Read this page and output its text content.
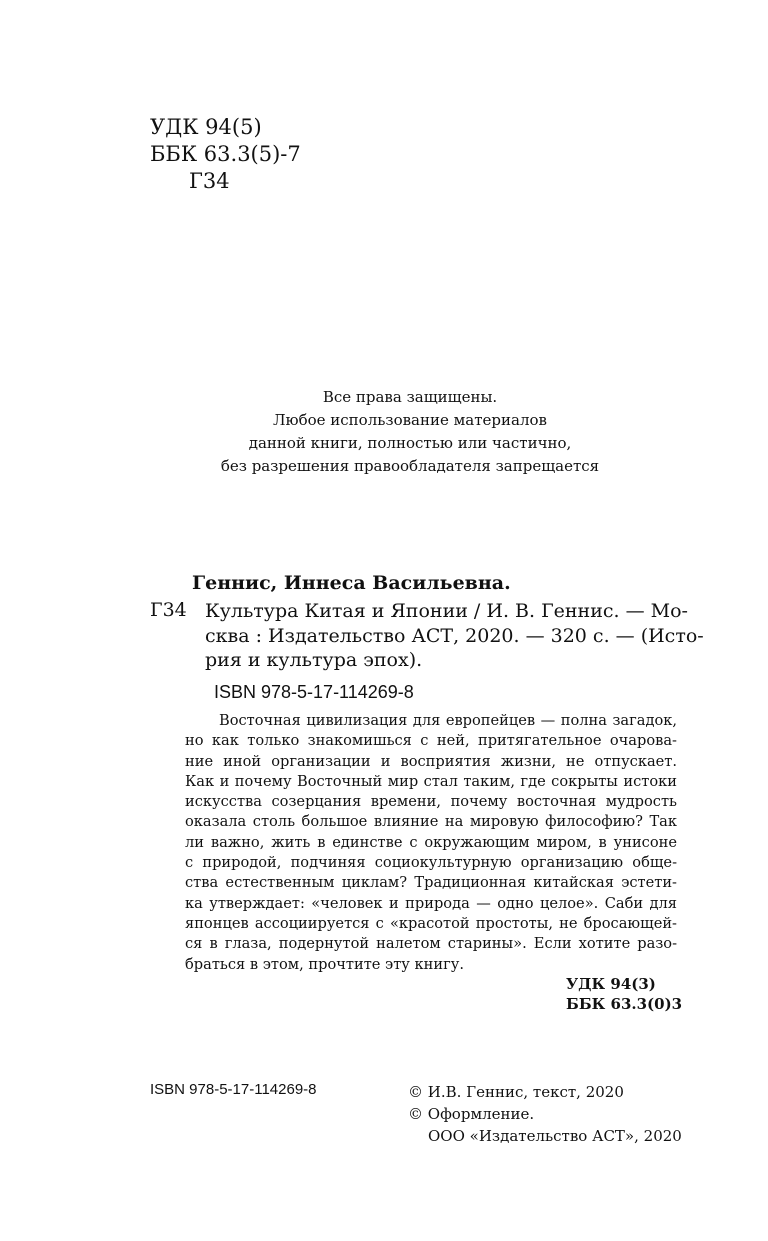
УДК 94(5)
ББК 63.3(5)-7
Г34
Все права защищены.
Любое использование материалов
данной книги, полностью или частично,
без разрешения правообладателя запрещается
Геннис, Иннеса Васильевна.
Г34 Культура Китая и Японии / И. В. Геннис. — Мо-
сква : Издательство АСТ, 2020. — 320 с. — (Исто-
рия и культура эпох).
ISBN 978-5-17-114269-8
Восточная цивилизация для европейцев — полна загадок,
но как только знакомишься с ней, притягательное очарова-
ние иной организации и восприятия жизни, не отпускает.
Как и почему Восточный мир стал таким, где сокрыты истоки
искусства созерцания времени, почему восточная мудрость
оказала столь большое влияние на мировую философию? Так
ли важно, жить в единстве с окружающим миром, в унисоне
с природой, подчиняя социокультурную организацию обще-
ства естественным циклам? Традиционная китайская эстети-
ка утверждает: «человек и природа — одно целое». Саби для
японцев ассоциируется с «красотой простоты, не бросающей-
ся в глаза, подернутой налетом старины». Если хотите разо-
браться в этом, прочтите эту книгу.
УДК 94(3)
ББК 63.3(0)3
ISBN 978-5-17-114269-8	© И.В. Геннис, текст, 2020
© Оформление.
ООО «Издательство АСТ», 2020
